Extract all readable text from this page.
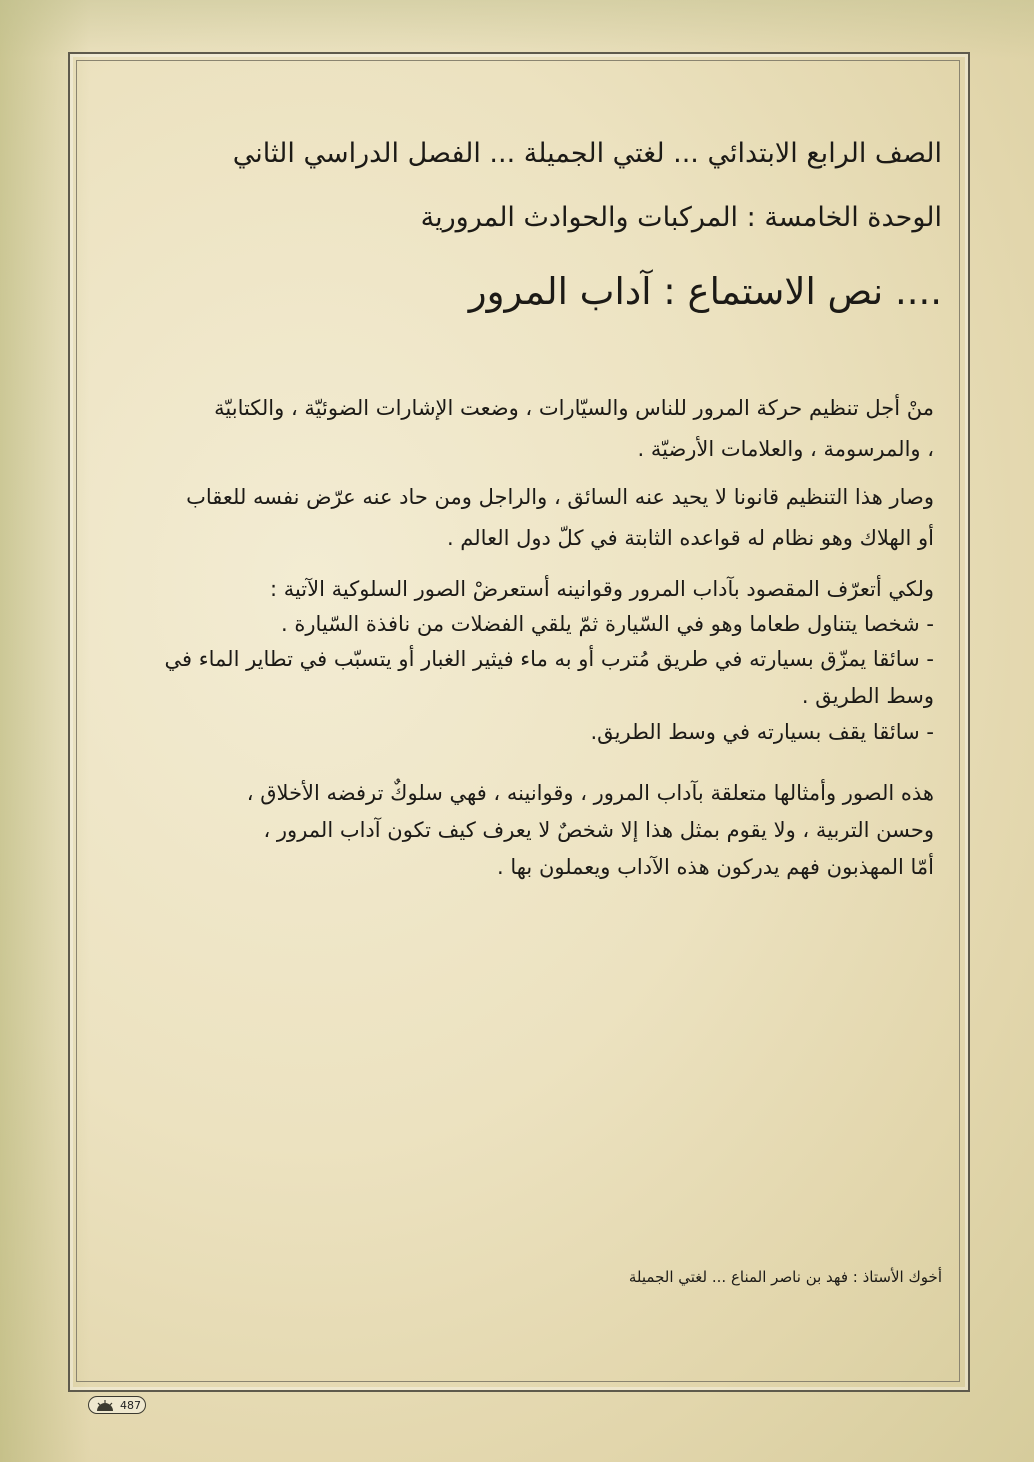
الصف الرابع الابتدائي ... لغتي الجميلة ... الفصل الدراسي الثاني
الوحدة الخامسة : المركبات والحوادث المرورية
.... نص الاستماع : آداب المرور
منْ أجل تنظيم حركة المرور للناس والسيّارات ، وضعت الإشارات الضوئيّة ، والكتابيّة
، والمرسومة ، والعلامات الأرضيّة .
وصار هذا التنظيم قانونا لا يحيد عنه السائق ، والراجل ومن حاد عنه عرّض نفسه للعقاب
أو الهلاك وهو نظام له قواعده الثابتة في كلّ دول العالم .
ولكي أتعرّف المقصود بآداب المرور وقوانينه أستعرضْ الصور السلوكية الآتية :
- شخصا يتناول طعاما وهو في السّيارة ثمّ يلقي الفضلات من نافذة السّيارة .
- سائقا يمزّق بسيارته في طريق مُترب أو به ماء فيثير الغبار أو يتسبّب في تطاير الماء في
وسط الطريق .
- سائقا يقف بسيارته في وسط الطريق.
هذه الصور وأمثالها متعلقة بآداب المرور ، وقوانينه ، فهي سلوكٌ ترفضه الأخلاق ،
وحسن التربية ، ولا يقوم بمثل هذا إلا شخصٌ لا يعرف كيف تكون آداب المرور ،
أمّا المهذبون فهم يدركون هذه الآداب ويعملون بها .
أخوك الأستاذ : فهد بن ناصر المناع ... لغتي الجميلة
487
